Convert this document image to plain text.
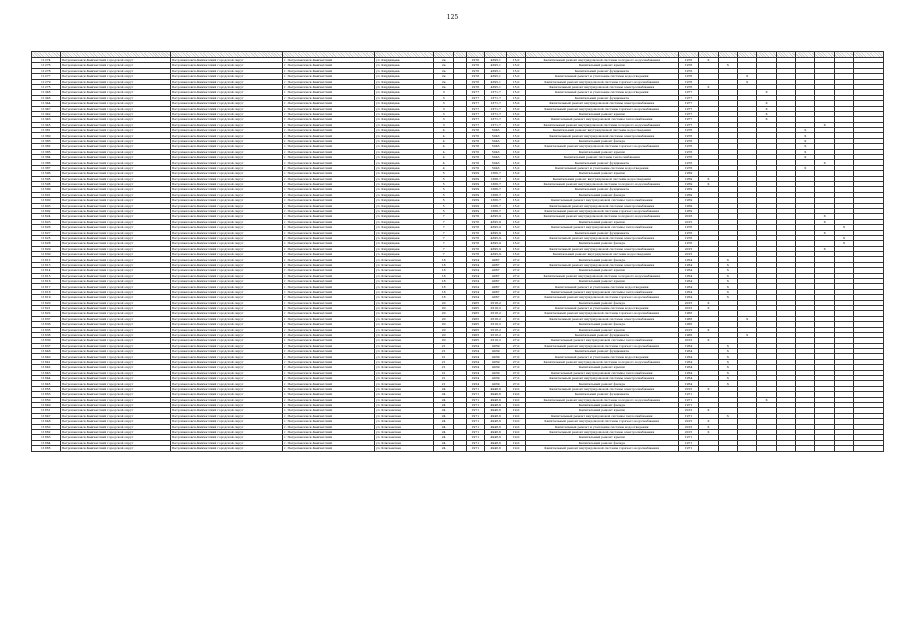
125

11274	Петропавловск-Камчатский городской округ	Петропавловск-Камчатский городской округ	г. Петропавловск-Камчатский	ул. Кирдищева	2а		1976	4395,1	15,0	Капитальный ремонт внутридомовой системы холодного водоснабжения	1976	X								
11276	Петропавловск-Камчатский городской округ	Петропавловск-Камчатский городской округ	г. Петропавловск-Камчатский	ул. Кирдищева	2а		1976	4395,1	15,0	Капитальный ремонт крыши	1976		X							
11278	Петропавловск-Камчатский городской округ	Петропавловск-Камчатский городской округ	г. Петропавловск-Камчатский	ул. Кирдищева	2а		1976	4395,1	15,0	Капитальный ремонт фундамента	1976									
11277	Петропавловск-Камчатский городской округ	Петропавловск-Камчатский городской округ	г. Петропавловск-Камчатский	ул. Кирдищева	2а		1976	4395,1	15,0	Капитальный ремонт и утепление системы водоотведения	1976			X						
11279	Петропавловск-Камчатский городской округ	Петропавловск-Камчатский городской округ	г. Петропавловск-Камчатский	ул. Кирдищева	2а		1976	4395,1	15,0	Капитальный ремонт внутридомовой системы горячего водоснабжения	1976			X						
11275	Петропавловск-Камчатский городской округ	Петропавловск-Камчатский городской округ	г. Петропавловск-Камчатский	ул. Кирдищева	2а		1976	4395,1	15,0	Капитальный ремонт внутридомовой системы электроснабжения	1976	X								
11348	Петропавловск-Камчатский городской округ	Петропавловск-Камчатский городской округ	г. Петропавловск-Камчатский	ул. Кирдищева	3		1977	1371,7	15,0	Капитальный ремонт и утепление системы водоотведения	1977				X					
11346	Петропавловск-Камчатский городской округ	Петропавловск-Камчатский городской округ	г. Петропавловск-Камчатский	ул. Кирдищева	3		1977	1371,7	15,0	Капитальный ремонт фундамента	1977									
11344	Петропавловск-Камчатский городской округ	Петропавловск-Камчатский городской округ	г. Петропавловск-Камчатский	ул. Кирдищева	3		1977	1371,7	15,0	Капитальный ремонт внутридомовой системы электроснабжения	1977				X					
11347	Петропавловск-Камчатский городской округ	Петропавловск-Камчатский городской округ	г. Петропавловск-Камчатский	ул. Кирдищева	3		1977	1371,7	15,0	Капитальный ремонт внутридомовой системы горячего водоснабжения	1977				X					
11342	Петропавловск-Камчатский городской округ	Петропавловск-Камчатский городской округ	г. Петропавловск-Камчатский	ул. Кирдищева	3		1977	1371,7	15,0	Капитальный ремонт крыши	1977				X					
11343	Петропавловск-Камчатский городской округ	Петропавловск-Камчатский городской округ	г. Петропавловск-Камчатский	ул. Кирдищева	3		1977	1371,7	15,0	Капитальный ремонт внутридомовой системы теплоснабжения	1977				X					
11345	Петропавловск-Камчатский городской округ	Петропавловск-Камчатский городской округ	г. Петропавловск-Камчатский	ул. Кирдищева	3		1977	1371,7	15,0	Капитальный ремонт внутридомовой системы холодного водоснабжения	1977							X		
11381	Петропавловск-Камчатский городской округ	Петропавловск-Камчатский городской округ	г. Петропавловск-Камчатский	ул. Кирдищева	4		1976	5043	15,0	Капитальный ремонт внутридомовой системы водоотведения	1976						X			
11380	Петропавловск-Камчатский городской округ	Петропавловск-Камчатский городской округ	г. Петропавловск-Камчатский	ул. Кирдищева	4		1976	5043	15,0	Капитальный ремонт внутридомовой системы электроснабжения	1976						X			
11383	Петропавловск-Камчатский городской округ	Петропавловск-Камчатский городской округ	г. Петропавловск-Камчатский	ул. Кирдищева	4		1976	5043	15,0	Капитальный ремонт фасада	1976						X			
11382	Петропавловск-Камчатский городской округ	Петропавловск-Камчатский городской округ	г. Петропавловск-Камчатский	ул. Кирдищева	4		1976	5043	15,0	Капитальный ремонт внутридомовой системы горячего водоснабжения	1976						X			
11385	Петропавловск-Камчатский городской округ	Петропавловск-Камчатский городской округ	г. Петропавловск-Камчатский	ул. Кирдищева	4		1976	5043	15,0	Капитальный ремонт крыши	1976						X			
11384	Петропавловск-Камчатский городской округ	Петропавловск-Камчатский городской округ	г. Петропавловск-Камчатский	ул. Кирдищева	4		1976	5043	15,0	Капитальный ремонт системы теплоснабжения	1976						X			
11386	Петропавловск-Камчатский городской округ	Петропавловск-Камчатский городской округ	г. Петропавловск-Камчатский	ул. Кирдищева	4		1976	5043	15,0	Капитальный ремонт фундамента	1976							X		
11387	Петропавловск-Камчатский городской округ	Петропавловск-Камчатский городской округ	г. Петропавловск-Камчатский	ул. Кирдищева	4		1976	5043	15,0	Капитальный ремонт и утепление системы водоотведения	1976						X			
11596	Петропавловск-Камчатский городской округ	Петропавловск-Камчатский городской округ	г. Петропавловск-Камчатский	ул. Кирдищева	5		1959	1366,7	15,0	Капитальный ремонт крыши	1959									
11595	Петропавловск-Камчатский городской округ	Петропавловск-Камчатский городской округ	г. Петропавловск-Камчатский	ул. Кирдищева	5		1959	1366,7	15,0	Капитальный ремонт внутридомовой системы водоотведения	1959	X								
11598	Петропавловск-Камчатский городской округ	Петропавловск-Камчатский городской округ	г. Петропавловск-Камчатский	ул. Кирдищева	5		1959	1366,7	15,0	Капитальный ремонт внутридомовой системы холодного водоснабжения	1959	X								
11599	Петропавловск-Камчатский городской округ	Петропавловск-Камчатский городской округ	г. Петропавловск-Камчатский	ул. Кирдищева	5		1959	1366,7	15,0	Капитальный ремонт фундамента	1959									
11601	Петропавловск-Камчатский городской округ	Петропавловск-Камчатский городской округ	г. Петропавловск-Камчатский	ул. Кирдищева	5		1959	1366,7	15,0	Капитальный ремонт фасада	1959									
11600	Петропавловск-Камчатский городской округ	Петропавловск-Камчатский городской округ	г. Петропавловск-Камчатский	ул. Кирдищева	5		1959	1366,7	15,0	Капитальный ремонт внутридомовой системы теплоснабжения	1959									
11603	Петропавловск-Камчатский городской округ	Петропавловск-Камчатский городской округ	г. Петропавловск-Камчатский	ул. Кирдищева	5		1959	1366,7	15,0	Капитальный ремонт внутридомовой системы электроснабжения	1959									
11602	Петропавловск-Камчатский городской округ	Петропавловск-Камчатский городской округ	г. Петропавловск-Камчатский	ул. Кирдищева	5		1959	1366,7	15,0	Капитальный ремонт внутридомовой системы горячего водоснабжения	1959									
11624	Петропавловск-Камчатский городской округ	Петропавловск-Камчатский городской округ	г. Петропавловск-Камчатский	ул. Кирдищева	7		1976	4395,9	15,0	Капитальный ремонт внутридомовой системы холодного водоснабжения	2016							X		
11623	Петропавловск-Камчатский городской округ	Петропавловск-Камчатский городской округ	г. Петропавловск-Камчатский	ул. Кирдищева	7		1976	4395,9	15,0	Капитальный ремонт крыши	2015							X		
11626	Петропавловск-Камчатский городской округ	Петропавловск-Камчатский городской округ	г. Петропавловск-Камчатский	ул. Кирдищева	7		1976	4395,9	15,0	Капитальный ремонт внутридомовой системы теплоснабжения	1976								X	
11627	Петропавловск-Камчатский городской округ	Петропавловск-Камчатский городской округ	г. Петропавловск-Камчатский	ул. Кирдищева	7		1976	4395,9	15,0	Капитальный ремонт фундамента	1976							X		
11625	Петропавловск-Камчатский городской округ	Петропавловск-Камчатский городской округ	г. Петропавловск-Камчатский	ул. Кирдищева	7		1976	4395,9	15,0	Капитальный ремонт внутридомовой системы электроснабжения	1976								X	
11628	Петропавловск-Камчатский городской округ	Петропавловск-Камчатский городской округ	г. Петропавловск-Камчатский	ул. Кирдищева	7		1976	4395,9	15,0	Капитальный ремонт фасада	1976								X	
11629	Петропавловск-Камчатский городской округ	Петропавловск-Камчатский городской округ	г. Петропавловск-Камчатский	ул. Кирдищева	7		1976	4395,9	15,0	Капитальный ремонт внутридомовой системы электроснабжения	2015							X		
11630	Петропавловск-Камчатский городской округ	Петропавловск-Камчатский городской округ	г. Петропавловск-Камчатский	ул. Кирдищева	7		1976	4395,9	15,0	Капитальный ремонт внутридомовой системы водоотведения	2015									
11612	Петропавловск-Камчатский городской округ	Петропавловск-Камчатский городской округ	г. Петропавловск-Камчатский	ул. Ключевская	18		1954	4967	27,0	Капитальный ремонт фасада	1954		X							
11613	Петропавловск-Камчатский городской округ	Петропавловск-Камчатский городской округ	г. Петропавловск-Камчатский	ул. Ключевская	18		1954	4967	27,0	Капитальный ремонт внутридомовой системы электроснабжения	1954		X							
11614	Петропавловск-Камчатский городской округ	Петропавловск-Камчатский городской округ	г. Петропавловск-Камчатский	ул. Ключевская	18		1954	4967	27,0	Капитальный ремонт крыши	1954		X							
11615	Петропавловск-Камчатский городской округ	Петропавловск-Камчатский городской округ	г. Петропавловск-Камчатский	ул. Ключевская	18		1954	4967	27,0	Капитальный ремонт внутридомовой системы холодного водоснабжения	1954		X							
11616	Петропавловск-Камчатский городской округ	Петропавловск-Камчатский городской округ	г. Петропавловск-Камчатский	ул. Ключевская	18		1954	4967	27,0	Капитальный ремонт крыши	1954		X							
11617	Петропавловск-Камчатский городской округ	Петропавловск-Камчатский городской округ	г. Петропавловск-Камчатский	ул. Ключевская	18		1954	4967	27,0	Капитальный ремонт и утепление системы водоотведения	1954		X							
11618	Петропавловск-Камчатский городской округ	Петропавловск-Камчатский городской округ	г. Петропавловск-Камчатский	ул. Ключевская	18		1954	4967	27,0	Капитальный ремонт внутридомовой системы теплоснабжения	1954		X							
11619	Петропавловск-Камчатский городской округ	Петропавловск-Камчатский городской округ	г. Петропавловск-Камчатский	ул. Ключевская	18		1954	4967	27,0	Капитальный ремонт внутридомовой системы горячего водоснабжения	1954		X							
11620	Петропавловск-Камчатский городской округ	Петропавловск-Камчатский городской округ	г. Петропавловск-Камчатский	ул. Ключевская	20		1965	2518,2	27,0	Капитальный ремонт фасада	2015	X								
11621	Петропавловск-Камчатский городской округ	Петропавловск-Камчатский городской округ	г. Петропавловск-Камчатский	ул. Ключевская	20		1965	2518,2	27,0	Капитальный ремонт и утепление системы водоотведения	2015	X								
11622	Петропавловск-Камчатский городской округ	Петропавловск-Камчатский городской округ	г. Петропавловск-Камчатский	ул. Ключевская	20		1965	2518,2	27,0	Капитальный ремонт внутридомовой системы горячего водоснабжения	1965									
11637	Петропавловск-Камчатский городской округ	Петропавловск-Камчатский городской округ	г. Петропавловск-Камчатский	ул. Ключевская	20		1965	2518,2	27,0	Капитальный ремонт внутридомовой системы электроснабжения	1965			X						
11636	Петропавловск-Камчатский городской округ	Петропавловск-Камчатский городской округ	г. Петропавловск-Камчатский	ул. Ключевская	20		1965	2518,2	27,0	Капитальный ремонт фасада	1965									
11635	Петропавловск-Камчатский городской округ	Петропавловск-Камчатский городской округ	г. Петропавловск-Камчатский	ул. Ключевская	20		1965	2518,2	27,0	Капитальный ремонт крыши	2015	X								
11638	Петропавловск-Камчатский городской округ	Петропавловск-Камчатский городской округ	г. Петропавловск-Камчатский	ул. Ключевская	20		1965	2518,2	27,0	Капитальный ремонт фундамента	1965			X						
11639	Петропавловск-Камчатский городской округ	Петропавловск-Камчатский городской округ	г. Петропавловск-Камчатский	ул. Ключевская	20		1965	2518,2	27,0	Капитальный ремонт внутридомовой системы теплоснабжения	2015	X								
11637	Петропавловск-Камчатский городской округ	Петропавловск-Камчатский городской округ	г. Петропавловск-Камчатский	ул. Ключевская	21		1954	4939	27,0	Капитальный ремонт внутридомовой системы горячего водоснабжения	1954		X							
11646	Петропавловск-Камчатский городской округ	Петропавловск-Камчатский городской округ	г. Петропавловск-Камчатский	ул. Ключевская	21		1954	4939	27,0	Капитальный ремонт фундамента	1954		X							
11640	Петропавловск-Камчатский городской округ	Петропавловск-Камчатский городской округ	г. Петропавловск-Камчатский	ул. Ключевская	21		1954	4939	27,0	Капитальный ремонт и утепление системы водоотведения	1954		X							
11641	Петропавловск-Камчатский городской округ	Петропавловск-Камчатский городской округ	г. Петропавловск-Камчатский	ул. Ключевская	21		1954	4939	27,0	Капитальный ремонт внутридомовой системы холодного водоснабжения	1954		X							
11642	Петропавловск-Камчатский городской округ	Петропавловск-Камчатский городской округ	г. Петропавловск-Камчатский	ул. Ключевская	21		1954	4939	27,0	Капитальный ремонт крыши	1954		X							
11643	Петропавловск-Камчатский городской округ	Петропавловск-Камчатский городской округ	г. Петропавловск-Камчатский	ул. Ключевская	21		1954	4939	27,0	Капитальный ремонт внутридомовой системы теплоснабжения	1954		X							
11644	Петропавловск-Камчатский городской округ	Петропавловск-Камчатский городской округ	г. Петропавловск-Камчатский	ул. Ключевская	21		1954	4939	27,0	Капитальный ремонт внутридомовой системы электроснабжения	1954		X							
11645	Петропавловск-Камчатский городской округ	Петропавловск-Камчатский городской округ	г. Петропавловск-Камчатский	ул. Ключевская	21		1954	4939	27,0	Капитальный ремонт фасада	1954		X							
11655	Петропавловск-Камчатский городской округ	Петропавловск-Камчатский городской округ	г. Петропавловск-Камчатский	ул. Ключевская	24		1971	4948,6	19,0	Капитальный ремонт внутридомовой системы электроснабжения	2015	X								
11653	Петропавловск-Камчатский городской округ	Петропавловск-Камчатский городской округ	г. Петропавловск-Камчатский	ул. Ключевская	24		1971	4948,6	19,0	Капитальный ремонт фундамента	1971									
11650	Петропавловск-Камчатский городской округ	Петропавловск-Камчатский городской округ	г. Петропавловск-Камчатский	ул. Ключевская	24		1971	4948,6	19,0	Капитальный ремонт внутридомовой системы холодного водоснабжения	1971				X					
11649	Петропавловск-Камчатский городской округ	Петропавловск-Камчатский городской округ	г. Петропавловск-Камчатский	ул. Ключевская	24		1971	4948,6	19,0	Капитальный ремонт фасада	1971									
11651	Петропавловск-Камчатский городской округ	Петропавловск-Камчатский городской округ	г. Петропавловск-Камчатский	ул. Ключевская	24		1971	4948,6	19,0	Капитальный ремонт крыши	2015	X								
11647	Петропавловск-Камчатский городской округ	Петропавловск-Камчатский городской округ	г. Петропавловск-Камчатский	ул. Ключевская	24		1971	4948,6	19,0	Капитальный ремонт внутридомовой системы теплоснабжения	1971		X							
11648	Петропавловск-Камчатский городской округ	Петропавловск-Камчатский городской округ	г. Петропавловск-Камчатский	ул. Ключевская	24		1971	4948,6	19,0	Капитальный ремонт внутридомовой системы горячего водоснабжения	2015	X								
11652	Петропавловск-Камчатский городской округ	Петропавловск-Камчатский городской округ	г. Петропавловск-Камчатский	ул. Ключевская	24		1971	4948,6	19,0	Капитальный ремонт и утепление системы водоотведения	2015	X								
11662	Петропавловск-Камчатский городской округ	Петропавловск-Камчатский городской округ	г. Петропавловск-Камчатский	ул. Ключевская	24		1971	4948,6	19,0	Капитальный ремонт внутридомовой системы электроснабжения	2015	X								
11663	Петропавловск-Камчатский городской округ	Петропавловск-Камчатский городской округ	г. Петропавловск-Камчатский	ул. Ключевская	24		1971	4948,6	19,0	Капитальный ремонт крыши	1971									
11664	Петропавловск-Камчатский городской округ	Петропавловск-Камчатский городской округ	г. Петропавловск-Камчатский	ул. Ключевская	24		1971	4948,6	19,0	Капитальный ремонт фасада	1971									
11665	Петропавловск-Камчатский городской округ	Петропавловск-Камчатский городской округ	г. Петропавловск-Камчатский	ул. Ключевская	24		1971	4948,6	19,0	Капитальный ремонт внутридомовой системы горячего водоснабжения	1971									
